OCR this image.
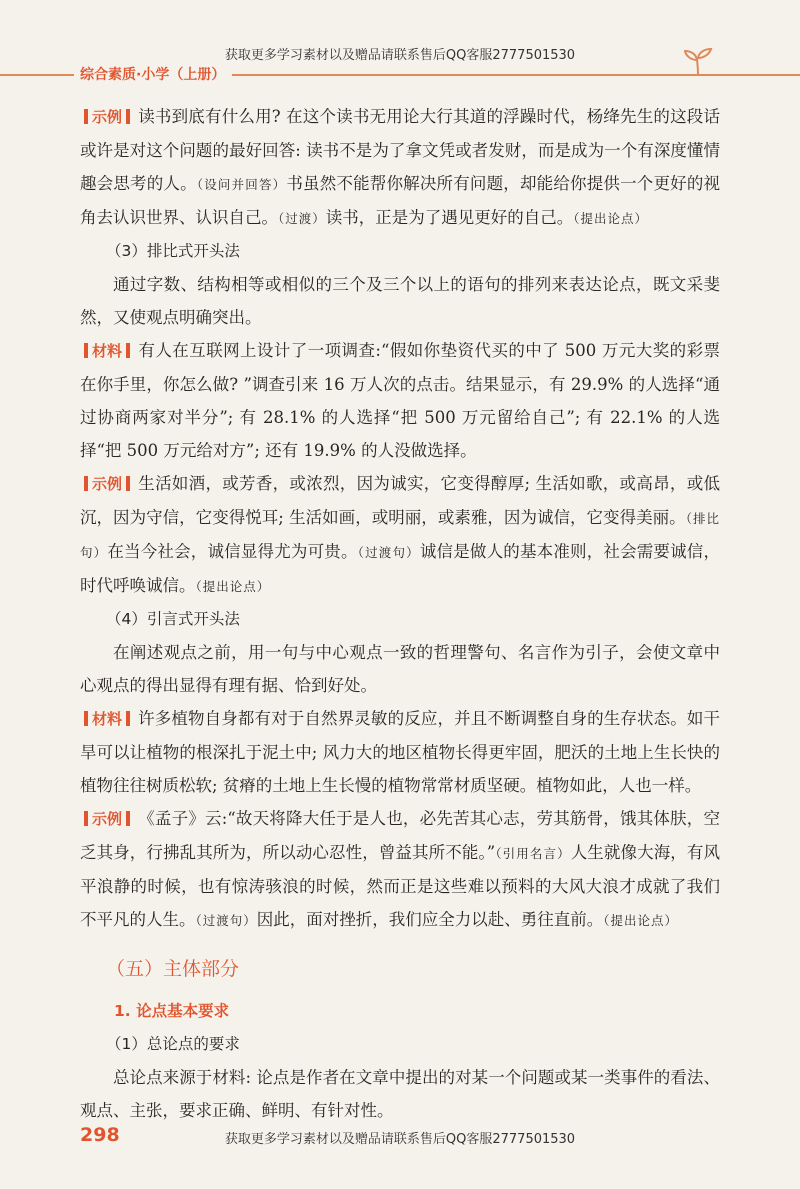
获取更多学习素材以及赠品请联系售后QQ客服2777501530
综合素质·小学（上册）

示例 读书到底有什么用? 在这个读书无用论大行其道的浮躁时代，杨绛先生的这段话或许是对这个问题的最好回答: 读书不是为了拿文凭或者发财，而是成为一个有深度懂情趣会思考的人。（设问并回答）书虽然不能帮你解决所有问题，却能给你提供一个更好的视角去认识世界、认识自己。（过渡）读书，正是为了遇见更好的自己。（提出论点）

（3）排比式开头法

通过字数、结构相等或相似的三个及三个以上的语句的排列来表达论点，既文采斐然，又使观点明确突出。

材料 有人在互联网上设计了一项调查:“假如你垫资代买的中了 500 万元大奖的彩票在你手里，你怎么做? ”调查引来 16 万人次的点击。结果显示，有 29.9% 的人选择“通过协商两家对半分”; 有 28.1% 的人选择“把 500 万元留给自己”; 有 22.1% 的人选择“把 500 万元给对方”; 还有 19.9% 的人没做选择。

示例 生活如酒，或芳香，或浓烈，因为诚实，它变得醇厚; 生活如歌，或高昂，或低沉，因为守信，它变得悦耳; 生活如画，或明丽，或素雅，因为诚信，它变得美丽。（排比句）在当今社会，诚信显得尤为可贵。（过渡句）诚信是做人的基本准则，社会需要诚信，时代呼唤诚信。（提出论点）

（4）引言式开头法

在阐述观点之前，用一句与中心观点一致的哲理警句、名言作为引子，会使文章中心观点的得出显得有理有据、恰到好处。

材料 许多植物自身都有对于自然界灵敏的反应，并且不断调整自身的生存状态。如干旱可以让植物的根深扎于泥土中; 风力大的地区植物长得更牢固，肥沃的土地上生长快的植物往往树质松软; 贫瘠的土地上生长慢的植物常常材质坚硬。植物如此，人也一样。

示例 《孟子》云:“故天将降大任于是人也，必先苦其心志，劳其筋骨，饿其体肤，空乏其身，行拂乱其所为，所以动心忍性，曾益其所不能。”（引用名言）人生就像大海，有风平浪静的时候，也有惊涛骇浪的时候，然而正是这些难以预料的大风大浪才成就了我们不平凡的人生。（过渡句）因此，面对挫折，我们应全力以赴、勇往直前。（提出论点）

（五）主体部分

1. 论点基本要求

（1）总论点的要求

总论点来源于材料: 论点是作者在文章中提出的对某一个问题或某一类事件的看法、观点、主张，要求正确、鲜明、有针对性。

298	获取更多学习素材以及赠品请联系售后QQ客服2777501530
